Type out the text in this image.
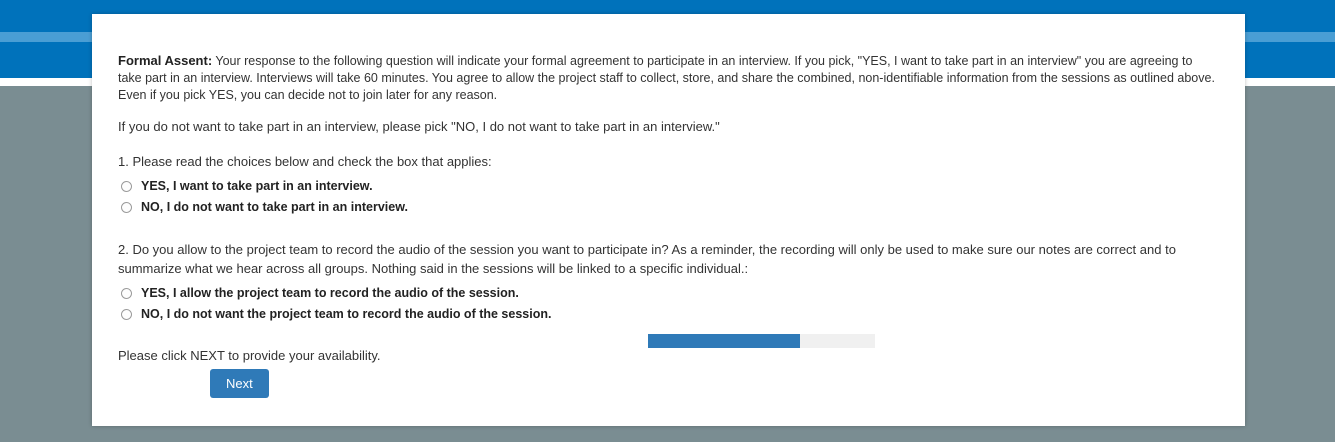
Formal Assent: Your response to the following question will indicate your formal agreement to participate in an interview. If you pick, "YES, I want to take part in an interview" you are agreeing to take part in an interview. Interviews will take 60 minutes. You agree to allow the project staff to collect, store, and share the combined, non-identifiable information from the sessions as outlined above. Even if you pick YES, you can decide not to join later for any reason.

If you do not want to take part in an interview, please pick "NO, I do not want to take part in an interview."

1. Please read the choices below and check the box that applies:

YES, I want to take part in an interview.
NO, I do not want to take part in an interview.

2. Do you allow to the project team to record the audio of the session you want to participate in? As a reminder, the recording will only be used to make sure our notes are correct and to summarize what we hear across all groups. Nothing said in the sessions will be linked to a specific individual.:

YES, I allow the project team to record the audio of the session.
NO, I do not want the project team to record the audio of the session.

Please click NEXT to provide your availability.

Next
